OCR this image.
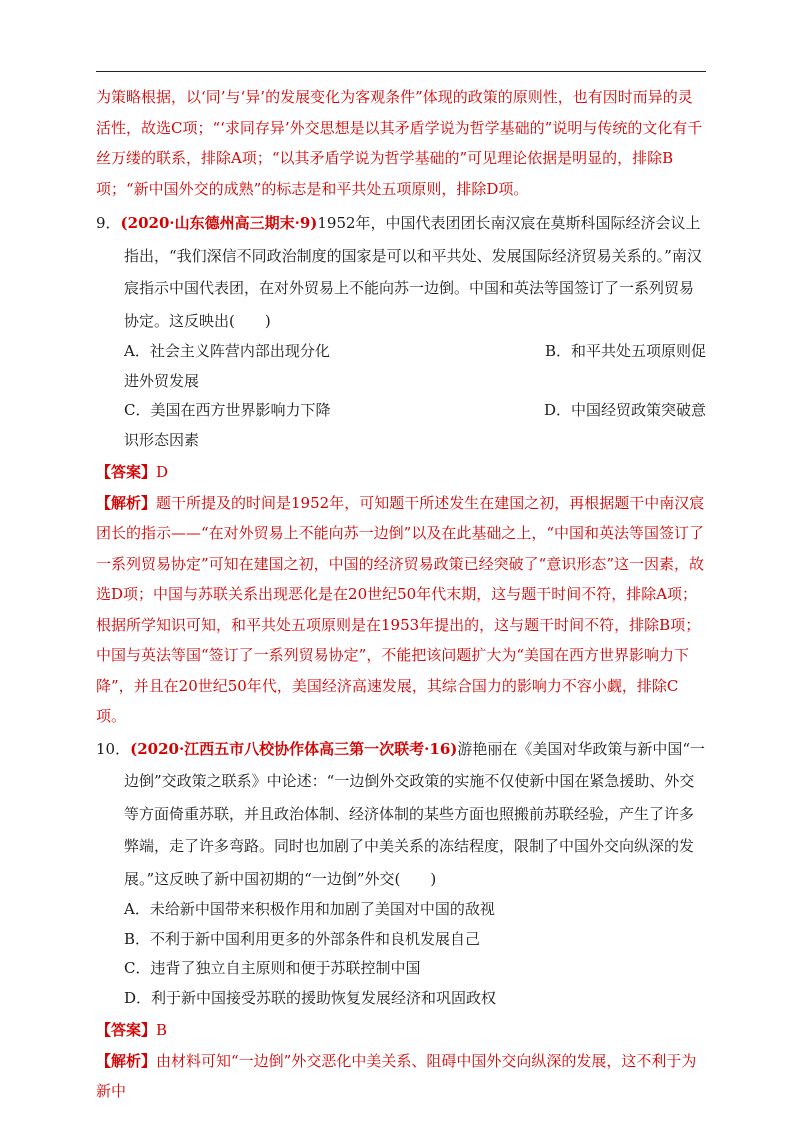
为策略根据，以‘同’与‘异’的发展变化为客观条件”体现的政策的原则性，也有因时而异的灵活性，故选C项；“‘求同存异’外交思想是以其矛盾学说为哲学基础的”说明与传统的文化有千丝万缕的联系，排除A项；“以其矛盾学说为哲学基础的”可见理论依据是明显的，排除B项；“新中国外交的成熟”的标志是和平共处五项原则，排除D项。

9．(2020·山东德州高三期末·9)1952年，中国代表团团长南汉宸在莫斯科国际经济会议上指出，“我们深信不同政治制度的国家是可以和平共处、发展国际经济贸易关系的。”南汉宸指示中国代表团，在对外贸易上不能向苏一边倒。中国和英法等国签订了一系列贸易协定。这反映出(　　)

A．社会主义阵营内部出现分化	B．和平共处五项原则促
进外贸发展
C．美国在西方世界影响力下降	D．中国经贸政策突破意
识形态因素

【答案】D

【解析】题干所提及的时间是1952年，可知题干所述发生在建国之初，再根据题干中南汉宸团长的指示——“在对外贸易上不能向苏一边倒”以及在此基础之上，“中国和英法等国签订了一系列贸易协定”可知在建国之初，中国的经济贸易政策已经突破了“意识形态”这一因素，故选D项；中国与苏联关系出现恶化是在20世纪50年代末期，这与题干时间不符，排除A项；根据所学知识可知，和平共处五项原则是在1953年提出的，这与题干时间不符，排除B项；中国与英法等国“签订了一系列贸易协定”，不能把该问题扩大为“美国在西方世界影响力下降”，并且在20世纪50年代，美国经济高速发展，其综合国力的影响力不容小觑，排除C项。

10．(2020·江西五市八校协作体高三第一次联考·16)游艳丽在《美国对华政策与新中国“一边倒”交政策之联系》中论述：“一边倒外交政策的实施不仅使新中国在紧急援助、外交等方面倚重苏联，并且政治体制、经济体制的某些方面也照搬前苏联经验，产生了许多弊端，走了许多弯路。同时也加剧了中美关系的冻结程度，限制了中国外交向纵深的发展。”这反映了新中国初期的“一边倒”外交(　　)

A．未给新中国带来积极作用和加剧了美国对中国的敌视
B．不利于新中国利用更多的外部条件和良机发展自己
C．违背了独立自主原则和便于苏联控制中国
D．利于新中国接受苏联的援助恢复发展经济和巩固政权

【答案】B

【解析】由材料可知“一边倒”外交恶化中美关系、阻碍中国外交向纵深的发展，这不利于为新中
